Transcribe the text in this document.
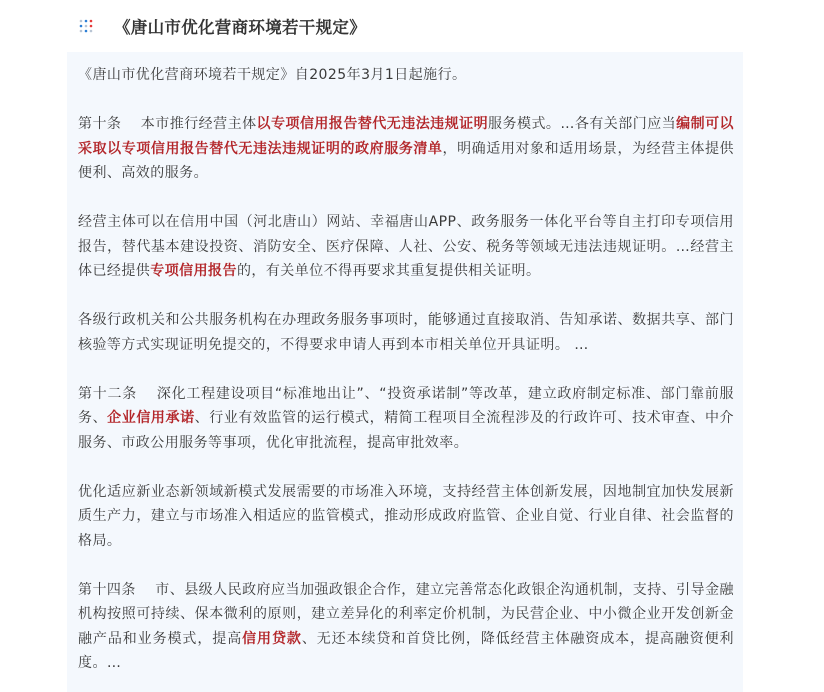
《唐山市优化营商环境若干规定》

《唐山市优化营商环境若干规定》自2025年3月1日起施行。

第十条　 本市推行经营主体以专项信用报告替代无违法违规证明服务模式。…各有关部门应当编制可以采取以专项信用报告替代无违法违规证明的政府服务清单，明确适用对象和适用场景，为经营主体提供便利、高效的服务。

经营主体可以在信用中国（河北唐山）网站、幸福唐山APP、政务服务一体化平台等自主打印专项信用报告，替代基本建设投资、消防安全、医疗保障、人社、公安、税务等领域无违法违规证明。…经营主体已经提供专项信用报告的，有关单位不得再要求其重复提供相关证明。

各级行政机关和公共服务机构在办理政务服务事项时，能够通过直接取消、告知承诺、数据共享、部门核验等方式实现证明免提交的，不得要求申请人再到本市相关单位开具证明。 …

第十二条　 深化工程建设项目“标准地出让”、“投资承诺制”等改革，建立政府制定标准、部门靠前服务、企业信用承诺、行业有效监管的运行模式，精简工程项目全流程涉及的行政许可、技术审查、中介服务、市政公用服务等事项，优化审批流程，提高审批效率。

优化适应新业态新领域新模式发展需要的市场准入环境，支持经营主体创新发展，因地制宜加快发展新质生产力，建立与市场准入相适应的监管模式，推动形成政府监管、企业自觉、行业自律、社会监督的格局。

第十四条　 市、县级人民政府应当加强政银企合作，建立完善常态化政银企沟通机制，支持、引导金融机构按照可持续、保本微利的原则，建立差异化的利率定价机制，为民营企业、中小微企业开发创新金融产品和业务模式，提高信用贷款、无还本续贷和首贷比例，降低经营主体融资成本，提高融资便利度。…
